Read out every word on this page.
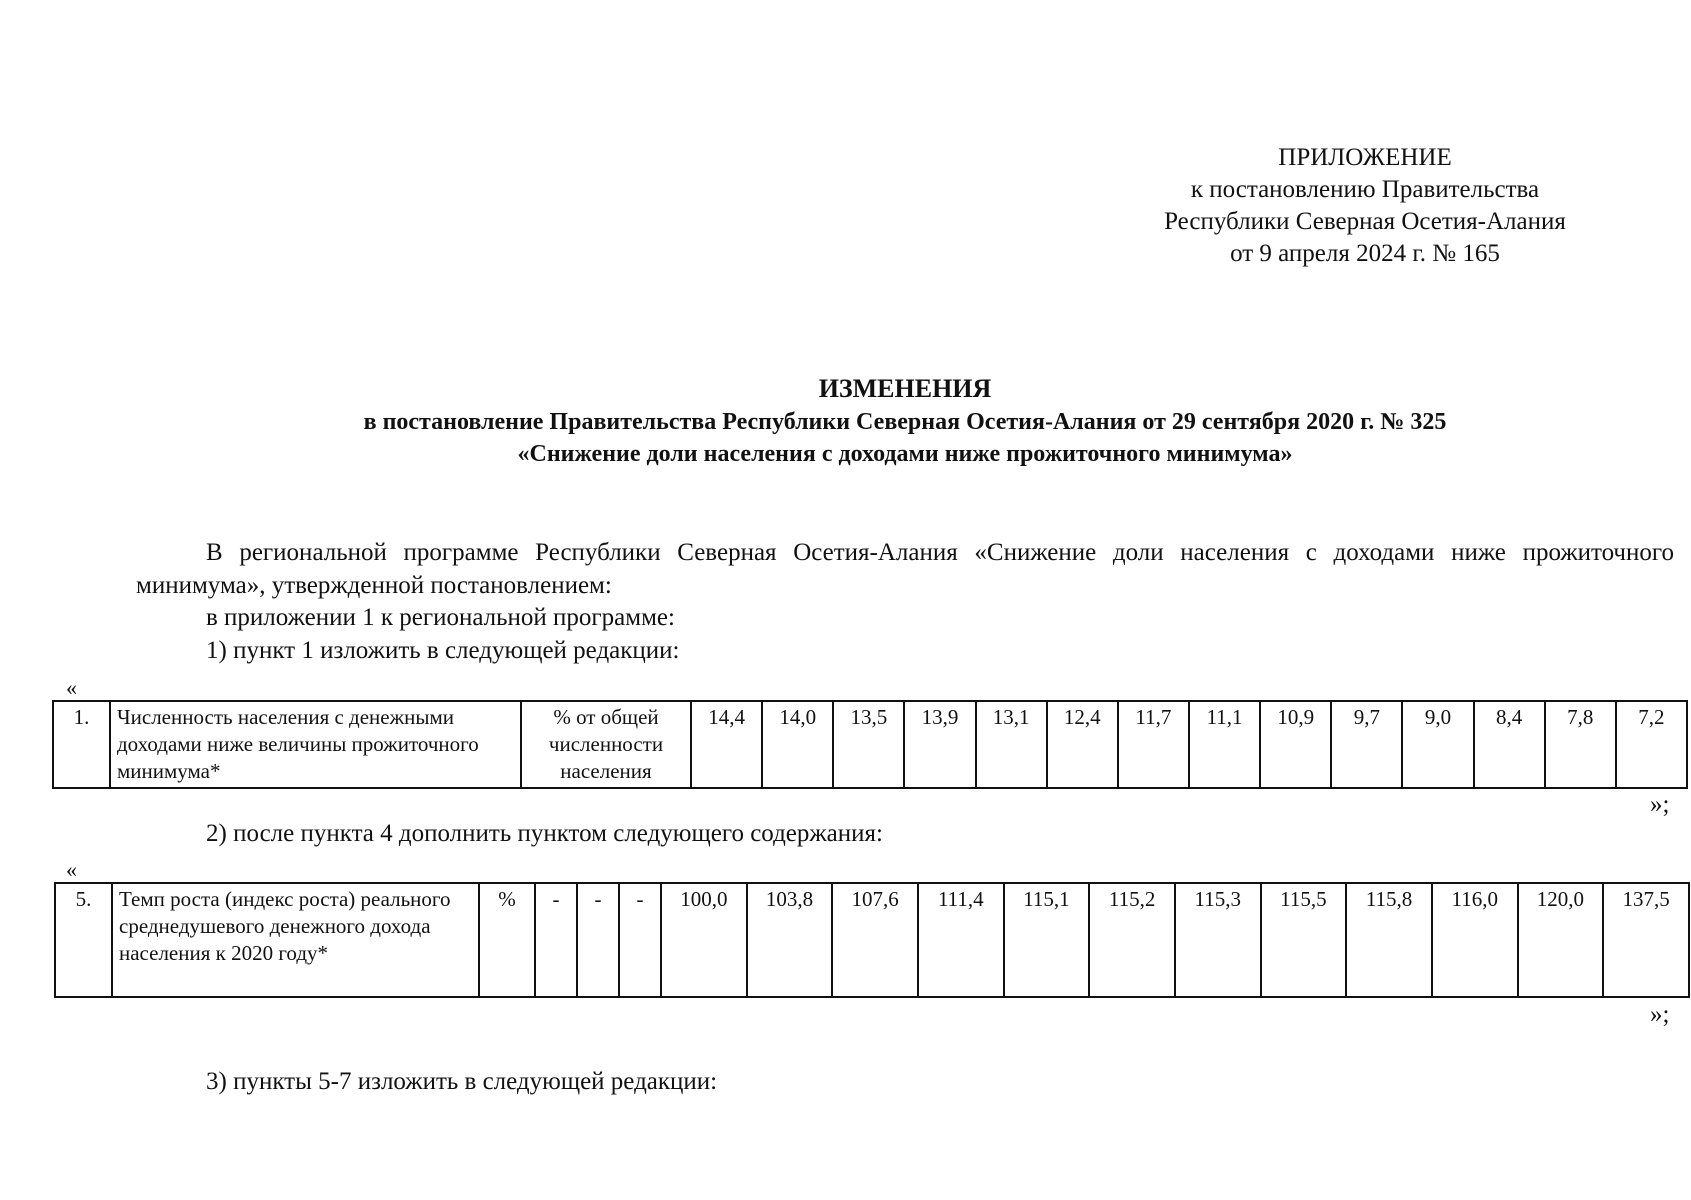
ПРИЛОЖЕНИЕ
к постановлению Правительства
Республики Северная Осетия-Алания
от 9 апреля 2024 г. № 165
ИЗМЕНЕНИЯ
в постановление Правительства Республики Северная Осетия-Алания от 29 сентября 2020 г. № 325
«Снижение доли населения с доходами ниже прожиточного минимума»
В региональной программе Республики Северная Осетия-Алания «Снижение доли населения с доходами ниже прожиточного минимума», утвержденной постановлением:
в приложении 1 к региональной программе:
1) пункт 1 изложить в следующей редакции:
«
1.	Численность населения с денежными доходами ниже величины прожиточного минимума*	% от общей численности населения	14,4	14,0	13,5	13,9	13,1	12,4	11,7	11,1	10,9	9,7	9,0	8,4	7,8	7,2
»;
2) после пункта 4 дополнить пунктом следующего содержания:
«
5.	Темп роста (индекс роста) реального среднедушевого денежного дохода населения к 2020 году*	%	-	-	-	100,0	103,8	107,6	111,4	115,1	115,2	115,3	115,5	115,8	116,0	120,0	137,5
»;
3) пункты 5-7 изложить в следующей редакции:
